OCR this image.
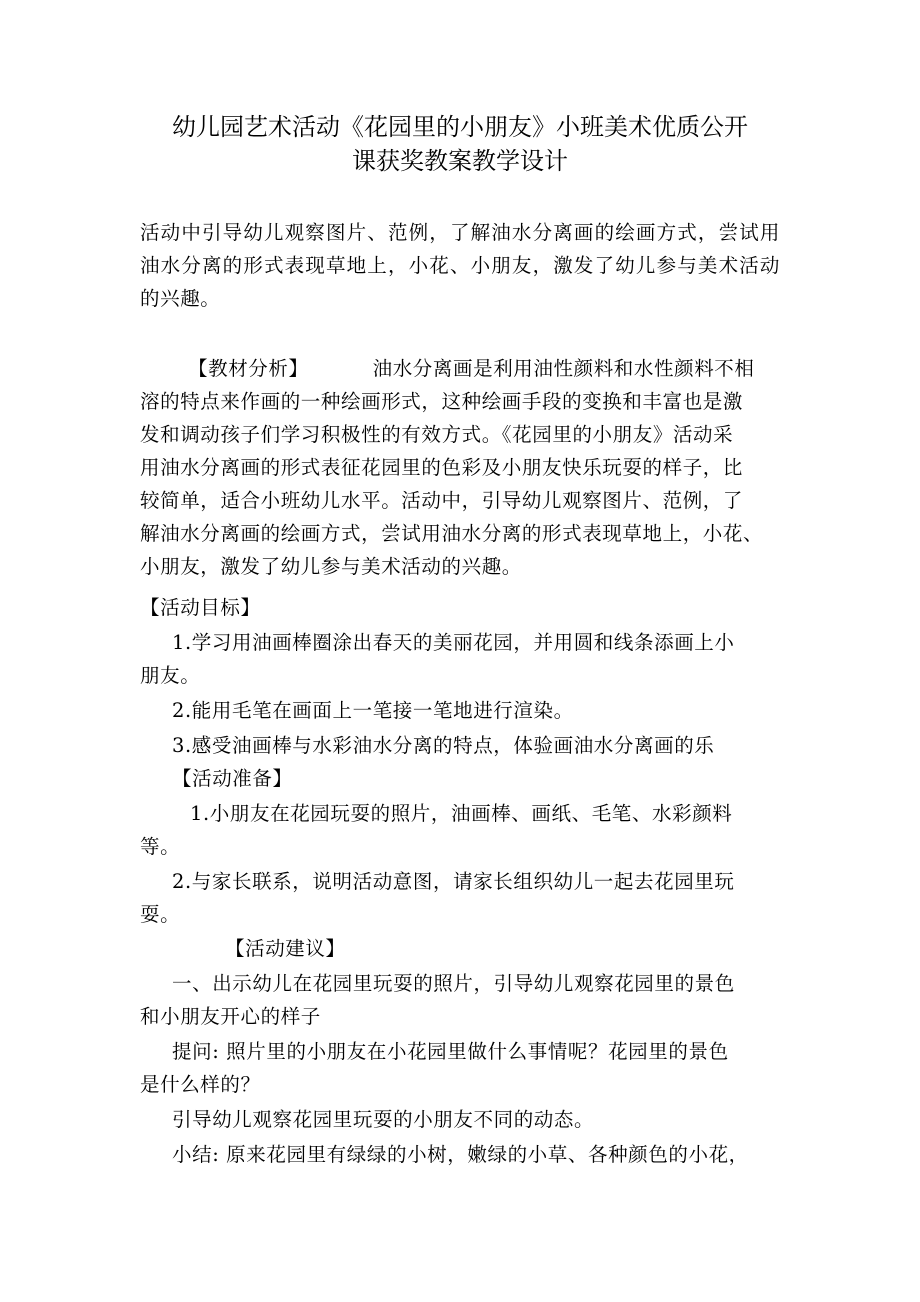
幼儿园艺术活动《花园里的小朋友》小班美术优质公开
课获奖教案教学设计

活动中引导幼儿观察图片、范例，了解油水分离画的绘画方式，尝试用油水分离的形式表现草地上，小花、小朋友，激发了幼儿参与美术活动的兴趣。

【教材分析】	油水分离画是利用油性颜料和水性颜料不相
溶的特点来作画的一种绘画形式，这种绘画手段的变换和丰富也是激
发和调动孩子们学习积极性的有效方式。《花园里的小朋友》活动采
用油水分离画的形式表征花园里的色彩及小朋友快乐玩耍的样子，比
较简单，适合小班幼儿水平。活动中，引导幼儿观察图片、范例，了
解油水分离画的绘画方式，尝试用油水分离的形式表现草地上，小花、
小朋友，激发了幼儿参与美术活动的兴趣。
【活动目标】
1.学习用油画棒圈涂出春天的美丽花园，并用圆和线条添画上小
朋友。
2.能用毛笔在画面上一笔接一笔地进行渲染。
3.感受油画棒与水彩油水分离的特点，体验画油水分离画的乐
【活动准备】
1.小朋友在花园玩耍的照片，油画棒、画纸、毛笔、水彩颜料
等。
2.与家长联系，说明活动意图，请家长组织幼儿一起去花园里玩
耍。
【活动建议】
一、出示幼儿在花园里玩耍的照片，引导幼儿观察花园里的景色
和小朋友开心的样子
提问: 照片里的小朋友在小花园里做什么事情呢？花园里的景色
是什么样的？
引导幼儿观察花园里玩耍的小朋友不同的动态。
小结: 原来花园里有绿绿的小树，嫩绿的小草、各种颜色的小花，
